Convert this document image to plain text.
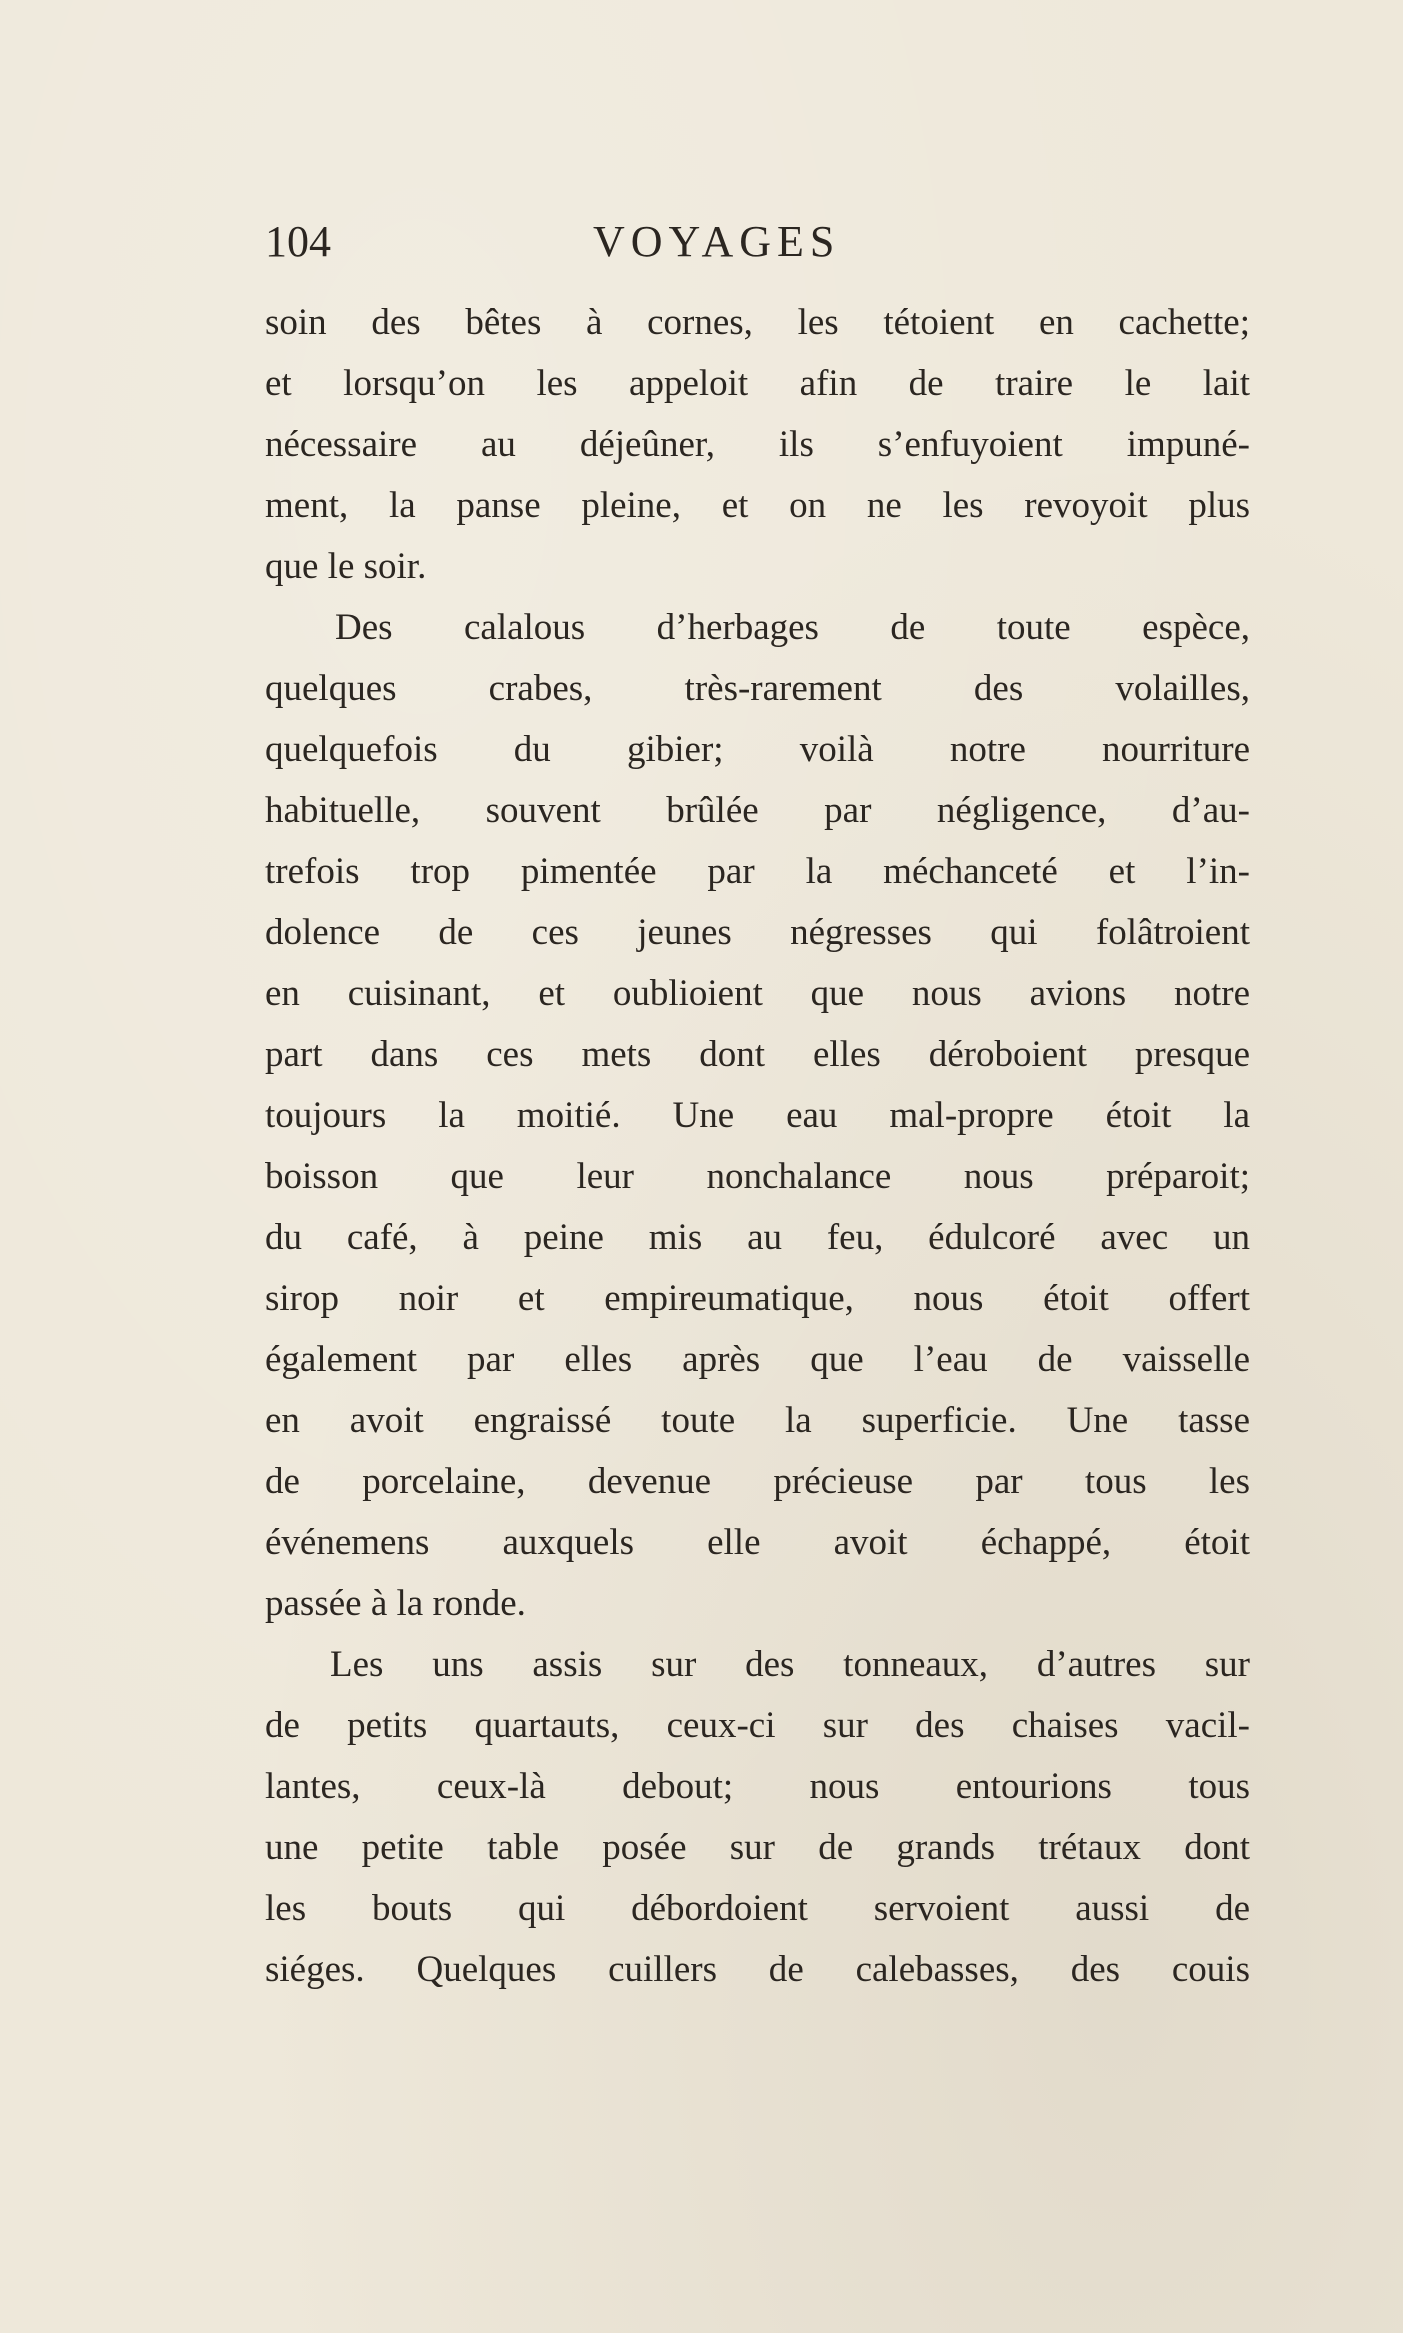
104	VOYAGES
soin des bêtes à cornes, les tétoient en cachette;
et lorsqu’on les appeloit afin de traire le lait
nécessaire au déjeûner, ils s’enfuyoient impuné-
ment, la panse pleine, et on ne les revoyoit plus
que le soir.
Des calalous d’herbages de toute espèce,
quelques crabes, très-rarement des volailles,
quelquefois du gibier; voilà notre nourriture
habituelle, souvent brûlée par négligence, d’au-
trefois trop pimentée par la méchanceté et l’in-
dolence de ces jeunes négresses qui folâtroient
en cuisinant, et oublioient que nous avions notre
part dans ces mets dont elles déroboient presque
toujours la moitié. Une eau mal-propre étoit la
boisson que leur nonchalance nous préparoit;
du café, à peine mis au feu, édulcoré avec un
sirop noir et empireumatique, nous étoit offert
également par elles après que l’eau de vaisselle
en avoit engraissé toute la superficie. Une tasse
de porcelaine, devenue précieuse par tous les
événemens auxquels elle avoit échappé, étoit
passée à la ronde.
Les uns assis sur des tonneaux, d’autres sur
de petits quartauts, ceux-ci sur des chaises vacil-
lantes, ceux-là debout; nous entourions tous
une petite table posée sur de grands trétaux dont
les bouts qui débordoient servoient aussi de
siéges. Quelques cuillers de calebasses, des couis
